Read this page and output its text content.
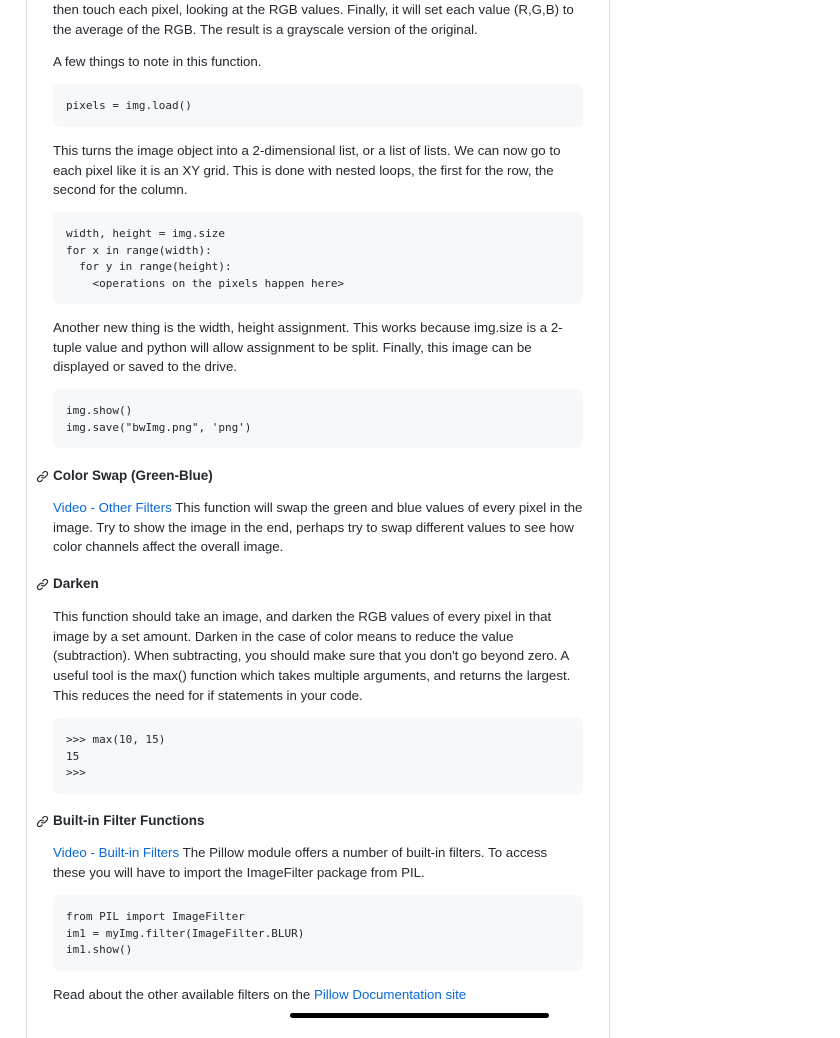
then touch each pixel, looking at the RGB values. Finally, it will set each value (R,G,B) to the average of the RGB. The result is a grayscale version of the original.

A few things to note in this function.

pixels = img.load()

This turns the image object into a 2-dimensional list, or a list of lists. We can now go to each pixel like it is an XY grid. This is done with nested loops, the first for the row, the second for the column.

width, height = img.size
for x in range(width):
for y in range(height):
<operations on the pixels happen here>

Another new thing is the width, height assignment. This works because img.size is a 2-tuple value and python will allow assignment to be split. Finally, this image can be displayed or saved to the drive.

img.show()
img.save("bwImg.png", 'png')
Color Swap (Green-Blue)

Video - Other Filters This function will swap the green and blue values of every pixel in the image. Try to show the image in the end, perhaps try to swap different values to see how color channels affect the overall image.

Darken

This function should take an image, and darken the RGB values of every pixel in that image by a set amount. Darken in the case of color means to reduce the value (subtraction). When subtracting, you should make sure that you don't go beyond zero. A useful tool is the max() function which takes multiple arguments, and returns the largest. This reduces the need for if statements in your code.

>>> max(10, 15)
15
>>>
Built-in Filter Functions

Video - Built-in Filters The Pillow module offers a number of built-in filters. To access these you will have to import the ImageFilter package from PIL.

from PIL import ImageFilter
im1 = myImg.filter(ImageFilter.BLUR)
im1.show()

Read about the other available filters on the Pillow Documentation site
